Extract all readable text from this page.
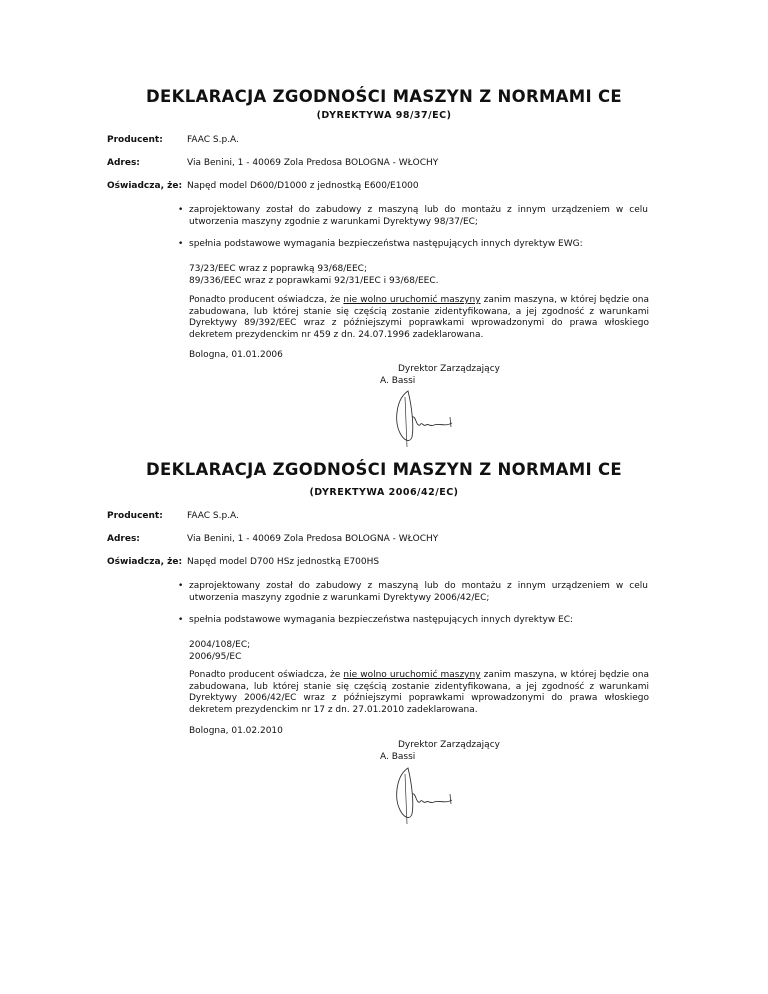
DEKLARACJA ZGODNOŚCI MASZYN Z NORMAMI CE
(DYREKTYWA 98/37/EC)
Producent:	FAAC S.p.A.
Adres:	Via Benini, 1 - 40069 Zola Predosa BOLOGNA - WŁOCHY
Oświadcza, że: Napęd model D600/D1000 z jednostką E600/E1000
• zaprojektowany został do zabudowy z maszyną lub do montażu z innym urządzeniem w celu utworzenia maszyny zgodnie z warunkami Dyrektywy 98/37/EC;
• spełnia podstawowe wymagania bezpieczeństwa następujących innych dyrektyw EWG:
73/23/EEC wraz z poprawką 93/68/EEC;
89/336/EEC wraz z poprawkami 92/31/EEC i 93/68/EEC.
Ponadto producent oświadcza, że nie wolno uruchomić maszyny zanim maszyna, w której będzie ona zabudowana, lub której stanie się częścią zostanie zidentyfikowana, a jej zgodność z warunkami Dyrektywy 89/392/EEC wraz z późniejszymi poprawkami wprowadzonymi do prawa włoskiego dekretem prezydenckim nr 459 z dn. 24.07.1996 zadeklarowana.
Bologna, 01.01.2006
Dyrektor Zarządzający
A. Bassi
DEKLARACJA ZGODNOŚCI MASZYN Z NORMAMI CE
(DYREKTYWA 2006/42/EC)
Producent:	FAAC S.p.A.
Adres:	Via Benini, 1 - 40069 Zola Predosa BOLOGNA - WŁOCHY
Oświadcza, że: Napęd model D700 HSz jednostką E700HS
• zaprojektowany został do zabudowy z maszyną lub do montażu z innym urządzeniem w celu utworzenia maszyny zgodnie z warunkami Dyrektywy 2006/42/EC;
• spełnia podstawowe wymagania bezpieczeństwa następujących innych dyrektyw EC:
2004/108/EC;
2006/95/EC
Ponadto producent oświadcza, że nie wolno uruchomić maszyny zanim maszyna, w której będzie ona zabudowana, lub której stanie się częścią zostanie zidentyfikowana, a jej zgodność z warunkami Dyrektywy 2006/42/EC wraz z późniejszymi poprawkami wprowadzonymi do prawa włoskiego dekretem prezydenckim nr 17 z dn. 27.01.2010 zadeklarowana.
Bologna, 01.02.2010
Dyrektor Zarządzający
A. Bassi
